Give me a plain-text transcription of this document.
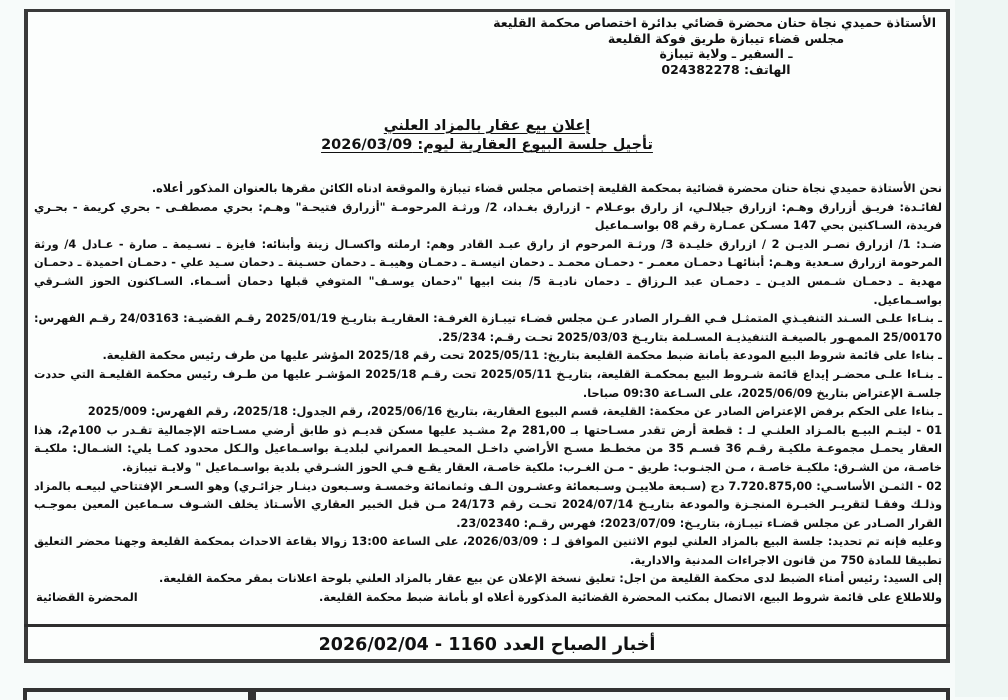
الأستاذة حميدي نجاة حنان محضرة قضائي بدائرة اختصاص محكمة القليعة
مجلس قضاء تيبازة طريق فوكة القليعة
ـ السفير ـ ولاية تيبازة
الهاتف: 024382278
إعلان بيع عقار بالمزاد العلني
تأجيل جلسة البيوع العقارية ليوم: 2026/03/09

نحن الأستاذة حميدي نجاة حنان محضرة قضائية بمحكمة القليعة إختصاص مجلس قضاء تيبازة والموقعة ادناه الكائن مقرها بالعنوان المذكور أعلاه.

لفائـدة: فريـق أزرارق وهـم: ازرارق جيلالـي، از رارق بوعـلام - ازرارق بغـداد، 2/ ورثـة المرحومـة "أزرارق فتيحـة" وهـم: بحري مصطفـى - بحري كريمة - بحـري فريدة، السـاكنين بحي 147 مسـكن عمـارة رقم 08 بواسـماعيل

ضـد: 1/ ازرارق نصـر الديـن 2 / ازرارق خليـدة 3/ ورثـة المرحوم از رارق عبـد القادر وهم: ارملته واكسـال زينة وأبنائه: فايزة ـ نسـيمة ـ صارة - عـادل 4/ ورثة المرحومة ازرارق سـعدية وهـم: أبنائهـا دحمـان معمـر - دحمـان محمـد ـ دحمان انيسـة ـ دحمـان وهيبـة ـ دحمان حسـينة ـ دحمان سـيد علي - دحمـان احميدة ـ دحمـان مهدية ـ دحمـان شـمس الديـن ـ دحمـان عبد الـرزاق ـ دحمان ناديـة 5/ بنت ابيها "دحمان يوسـف" المتوفي قبلها دحمان أسـماء. السـاكنون الحوز الشـرقي بواسـماعيل.

ـ بنـاءا علـى السـند التنفيـذي المتمثـل فـي القـرار الصادر عـن مجلس قضـاء تيبـازة الغرفـة: العقاريـة بتاريـخ 2025/01/19 رقـم القضيـة: 24/03163 رقـم الفهرس: 25/00170 الممهـور بالصيغـة التنفيذيـة المسـلمة بتاريـخ 2025/03/03 تحـت رقـم: 25/234.

ـ بناءا على قائمة شروط البيع المودعة بأمانة ضبط محكمة القليعة بتاريخ: 2025/05/11 تحت رقم 2025/18 المؤشر عليها من طرف رئيس محكمة القليعة.

ـ بنـاءا علـى محضـر إيداع قائمة شـروط البيع بمحكمـة القليعة، بتاريـخ 2025/05/11 تحت رقـم 2025/18 المؤشـر عليها من طـرف رئيس محكمة القليعـة التي حددت جلسـة الإعتراض بتاريخ 2025/06/09، على السـاعة 09:30 صباحا.

ـ بناءا على الحكم برفض الإعتراض الصادر عن محكمة: القليعة، قسم البيوع العقارية، بتاريخ 2025/06/16، رقم الجدول: 2025/18، رقم الفهرس: 2025/009

01 - ليتـم البيـع بالمـزاد العلنـي لـ : قطعة أرض تقدر مسـاحتها بـ 281,00 م2 مشـيد عليها مسكن قديـم ذو طابق أرضي مسـاحته الإجمالية تقـدر ب 100م2، هذا العقار يحمـل مجموعـة ملكيـة رقـم 36 قسـم 35 من مخطـط مسـح الأراضي داخـل المحيـط العمراني لبلديـة بواسـماعيل والـكل محدود كمـا يلي: الشـمال: ملكيـة خاصـة، من الشـرق: ملكيـة خاصـة ، مـن الجنـوب: طريق - مـن الغـرب: ملكية خاصـة، العقار يقـع فـي الحوز الشـرقي بلدية بواسـماعيل " ولايـة تيبازة.

02 - الثمـن الأساسـي: 7.720.875,00 دج (سـبعة ملاييـن وسـبعمائة وعشـرون الـف وثمانمائة وخمسـة وسـبعون دينـار جزائـري) وهو السـعر الإفتتاحي لبيعـه بالمزاد وذلـك وفقـا لتقريـر الخبـرة المنجـزة والمودعة بتاريـخ 2024/07/14 تحـت رقم 24/173 مـن قبل الخبير العقاري الأسـتاذ يخلف الشـوف سـماعين المعين بموجـب القرار الصـادر عن مجلس قضـاء تيبـازة، بتاريـخ: 2023/07/09؛ فهرس رقـم: 23/02340.

وعليه فإنه تم تحديد: جلسة البيع بالمزاد العلني ليوم الاثنين الموافق لـ : 2026/03/09، على الساعة 13:00 زوالا بقاعة الاحداث بمحكمة القليعة وجهنا محضر التعليق تطبيقا للمادة 750 من قانون الاجراءات المدنية والادارية.

إلى السيد: رئيس أمناء الضبط لدى محكمة القليعة من اجل: تعليق نسخة الإعلان عن بيع عقار بالمزاد العلني بلوحة اعلانات بمقر محكمة القليعة.

وللاطلاع على قائمة شروط البيع، الاتصال بمكتب المحضرة القضائية المذكورة أعلاه او بأمانة ضبط محكمة القليعة.

المحضرة القضائية
أخبار الصباح العدد 1160 - 2026/02/04
